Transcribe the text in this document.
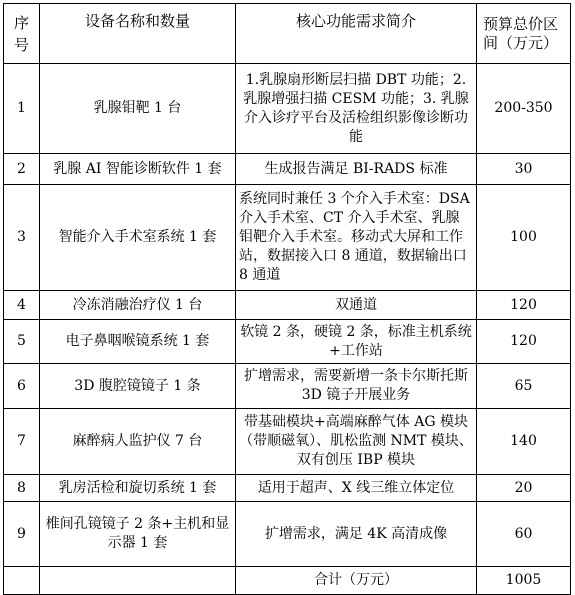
序号	设备名称和数量	核心功能需求简介	预算总价区间（万元）
1	乳腺钼靶 1 台	1.乳腺扇形断层扫描 DBT 功能；2.乳腺增强扫描 CESM 功能；3. 乳腺介入诊疗平台及活检组织影像诊断功能	200-350
2	乳腺 AI 智能诊断软件 1 套	生成报告满足 BI-RADS 标准	30
3	智能介入手术室系统 1 套	系统同时兼任 3 个介入手术室：DSA 介入手术室、CT 介入手术室、乳腺钼靶介入手术室。移动式大屏和工作站，数据接入口 8 通道，数据输出口 8 通道	100
4	冷冻消融治疗仪 1 台	双通道	120
5	电子鼻咽喉镜系统 1 套	软镜 2 条，硬镜 2 条，标准主机系统+工作站	120
6	3D 腹腔镜镜子 1 条	扩增需求，需要新增一条卡尔斯托斯 3D 镜子开展业务	65
7	麻醉病人监护仪 7 台	带基础模块+高端麻醉气体 AG 模块（带顺磁氧）、肌松监测 NMT 模块、双有创压 IBP 模块	140
8	乳房活检和旋切系统 1 套	适用于超声、X 线三维立体定位	20
9	椎间孔镜镜子 2 条+主机和显示器 1 套	扩增需求，满足 4K 高清成像	60
		合计（万元）	1005
